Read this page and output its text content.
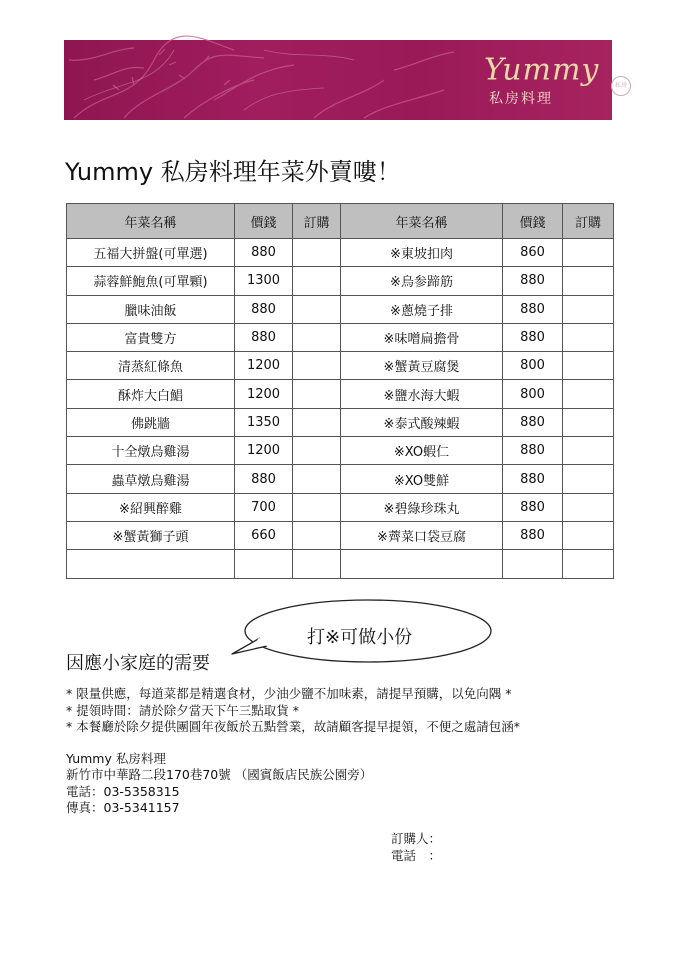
Yummy
私房料理
私房
Yummy 私房料理年菜外賣嘍！
年菜名稱	價錢	訂購	年菜名稱	價錢	訂購
五福大拼盤(可單選)	880		※東坡扣肉	860	
蒜蓉鮮鮑魚(可單顆)	1300		※烏参蹄筋	880	
臘味油飯	880		※蔥燒子排	880	
富貴雙方	880		※味噌扁擔骨	880	
清蒸紅條魚	1200		※蟹黃豆腐煲	800	
酥炸大白鯧	1200		※鹽水海大蝦	800	
佛跳牆	1350		※泰式酸辣蝦	880	
十全燉烏雞湯	1200		※XO蝦仁	880	
蟲草燉烏雞湯	880		※XO雙鮮	880	
※紹興醉雞	700		※碧綠珍珠丸	880	
※蟹黃獅子頭	660		※薺菜口袋豆腐	880	

打※可做小份
因應小家庭的需要
* 限量供應，每道菜都是精選食材，少油少鹽不加味素，請提早預購，以免向隅 *
* 提領時間：請於除夕當天下午三點取貨 *
* 本餐廳於除夕提供團圓年夜飯於五點營業，故請顧客提早提領，不便之處請包涵*
Yummy 私房料理
新竹市中華路二段170巷70號 （國賓飯店民族公園旁）
電話：03-5358315
傳真：03-5341157
訂購人：
電話　：
